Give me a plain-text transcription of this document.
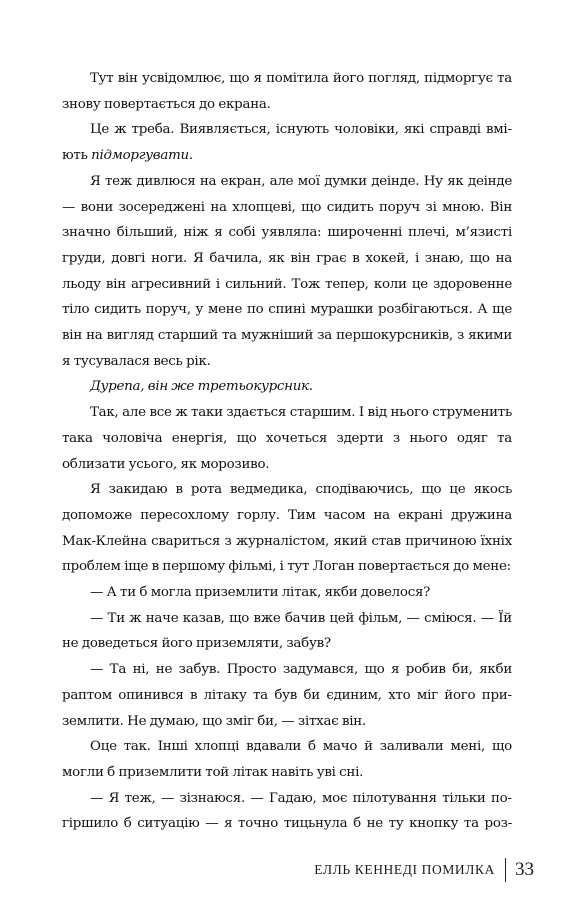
Тут він усвідомлює, що я помітила його погляд, підморгує та знову повертається до екрана.

Це ж треба. Виявляється, існують чоловіки, які справді вміють підморгувати.

Я теж дивлюся на екран, але мої думки деінде. Ну як деінде — вони зосереджені на хлопцеві, що сидить поруч зі мною. Він значно більший, ніж я собі уявляла: широченні плечі, м’язисті груди, довгі ноги. Я бачила, як він грає в хокей, і знаю, що на льоду він агресивний і сильний. Тож тепер, коли це здоровенне тіло сидить поруч, у мене по спині мурашки розбігаються. А ще він на вигляд старший та мужніший за першокурсників, з якими я тусувалася весь рік.

Дурепа, він же третьокурсник.

Так, але все ж таки здається старшим. І від нього струменить така чоловіча енергія, що хочеться здерти з нього одяг та облизати усього, як морозиво.

Я закидаю в рота ведмедика, сподіваючись, що це якось допоможе пересохлому горлу. Тим часом на екрані дружина Мак-Клейна свариться з журналістом, який став причиною їхніх проблем іще в першому фільмі, і тут Логан повертається до мене:

— А ти б могла приземлити літак, якби довелося?

— Ти ж наче казав, що вже бачив цей фільм, — сміюся. — Їй не доведеться його приземляти, забув?

— Та ні, не забув. Просто задумався, що я робив би, якби раптом опинився в літаку та був би єдиним, хто міг його приземлити. Не думаю, що зміг би, — зітхає він.

Оце так. Інші хлопці вдавали б мачо й заливали мені, що могли б приземлити той літак навіть уві сні.

— Я теж, — зізнаюся. — Гадаю, моє пілотування тільки погіршило б ситуацію — я точно тицьнула б не ту кнопку та роз-

ЕЛЛЬ КЕННЕДІ ПОМИЛКА 33
